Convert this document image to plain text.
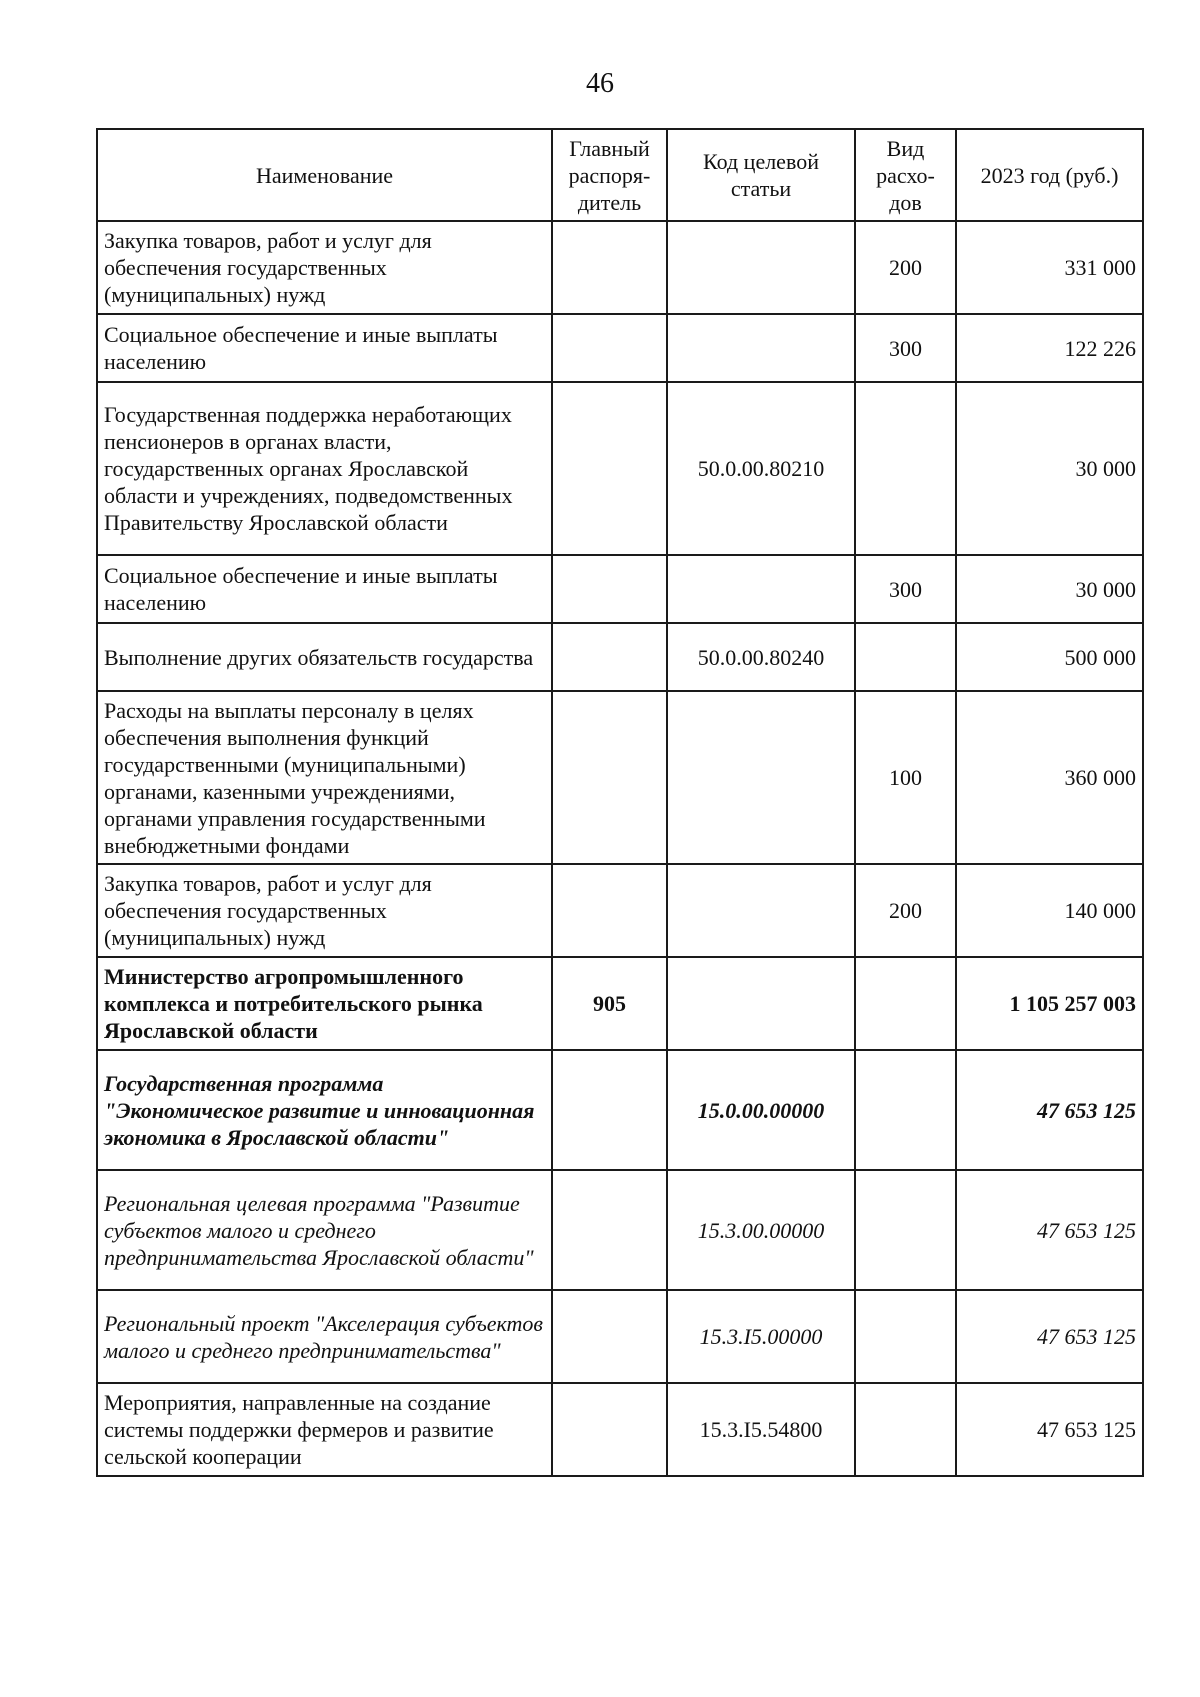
46
Наименование	Главный распоря-дитель	Код целевой статьи	Вид расхо-дов	2023 год (руб.)
Закупка товаров, работ и услуг для обеспечения государственных (муниципальных) нужд			200	331 000
Социальное обеспечение и иные выплаты населению			300	122 226
Государственная поддержка неработающих пенсионеров в органах власти, государственных органах Ярославской области и учреждениях, подведомственных Правительству Ярославской области		50.0.00.80210		30 000
Социальное обеспечение и иные выплаты населению			300	30 000
Выполнение других обязательств государства		50.0.00.80240		500 000
Расходы на выплаты персоналу в целях обеспечения выполнения функций государственными (муниципальными) органами, казенными учреждениями, органами управления государственными внебюджетными фондами			100	360 000
Закупка товаров, работ и услуг для обеспечения государственных (муниципальных) нужд			200	140 000
Министерство агропромышленного комплекса и потребительского рынка Ярославской области	905			1 105 257 003
Государственная программа "Экономическое развитие и инновационная экономика в Ярославской области"		15.0.00.00000		47 653 125
Региональная целевая программа "Развитие субъектов малого и среднего предпринимательства Ярославской области"		15.3.00.00000		47 653 125
Региональный проект "Акселерация субъектов малого и среднего предпринимательства"		15.3.I5.00000		47 653 125
Мероприятия, направленные на создание системы поддержки фермеров и развитие сельской кооперации		15.3.I5.54800		47 653 125
